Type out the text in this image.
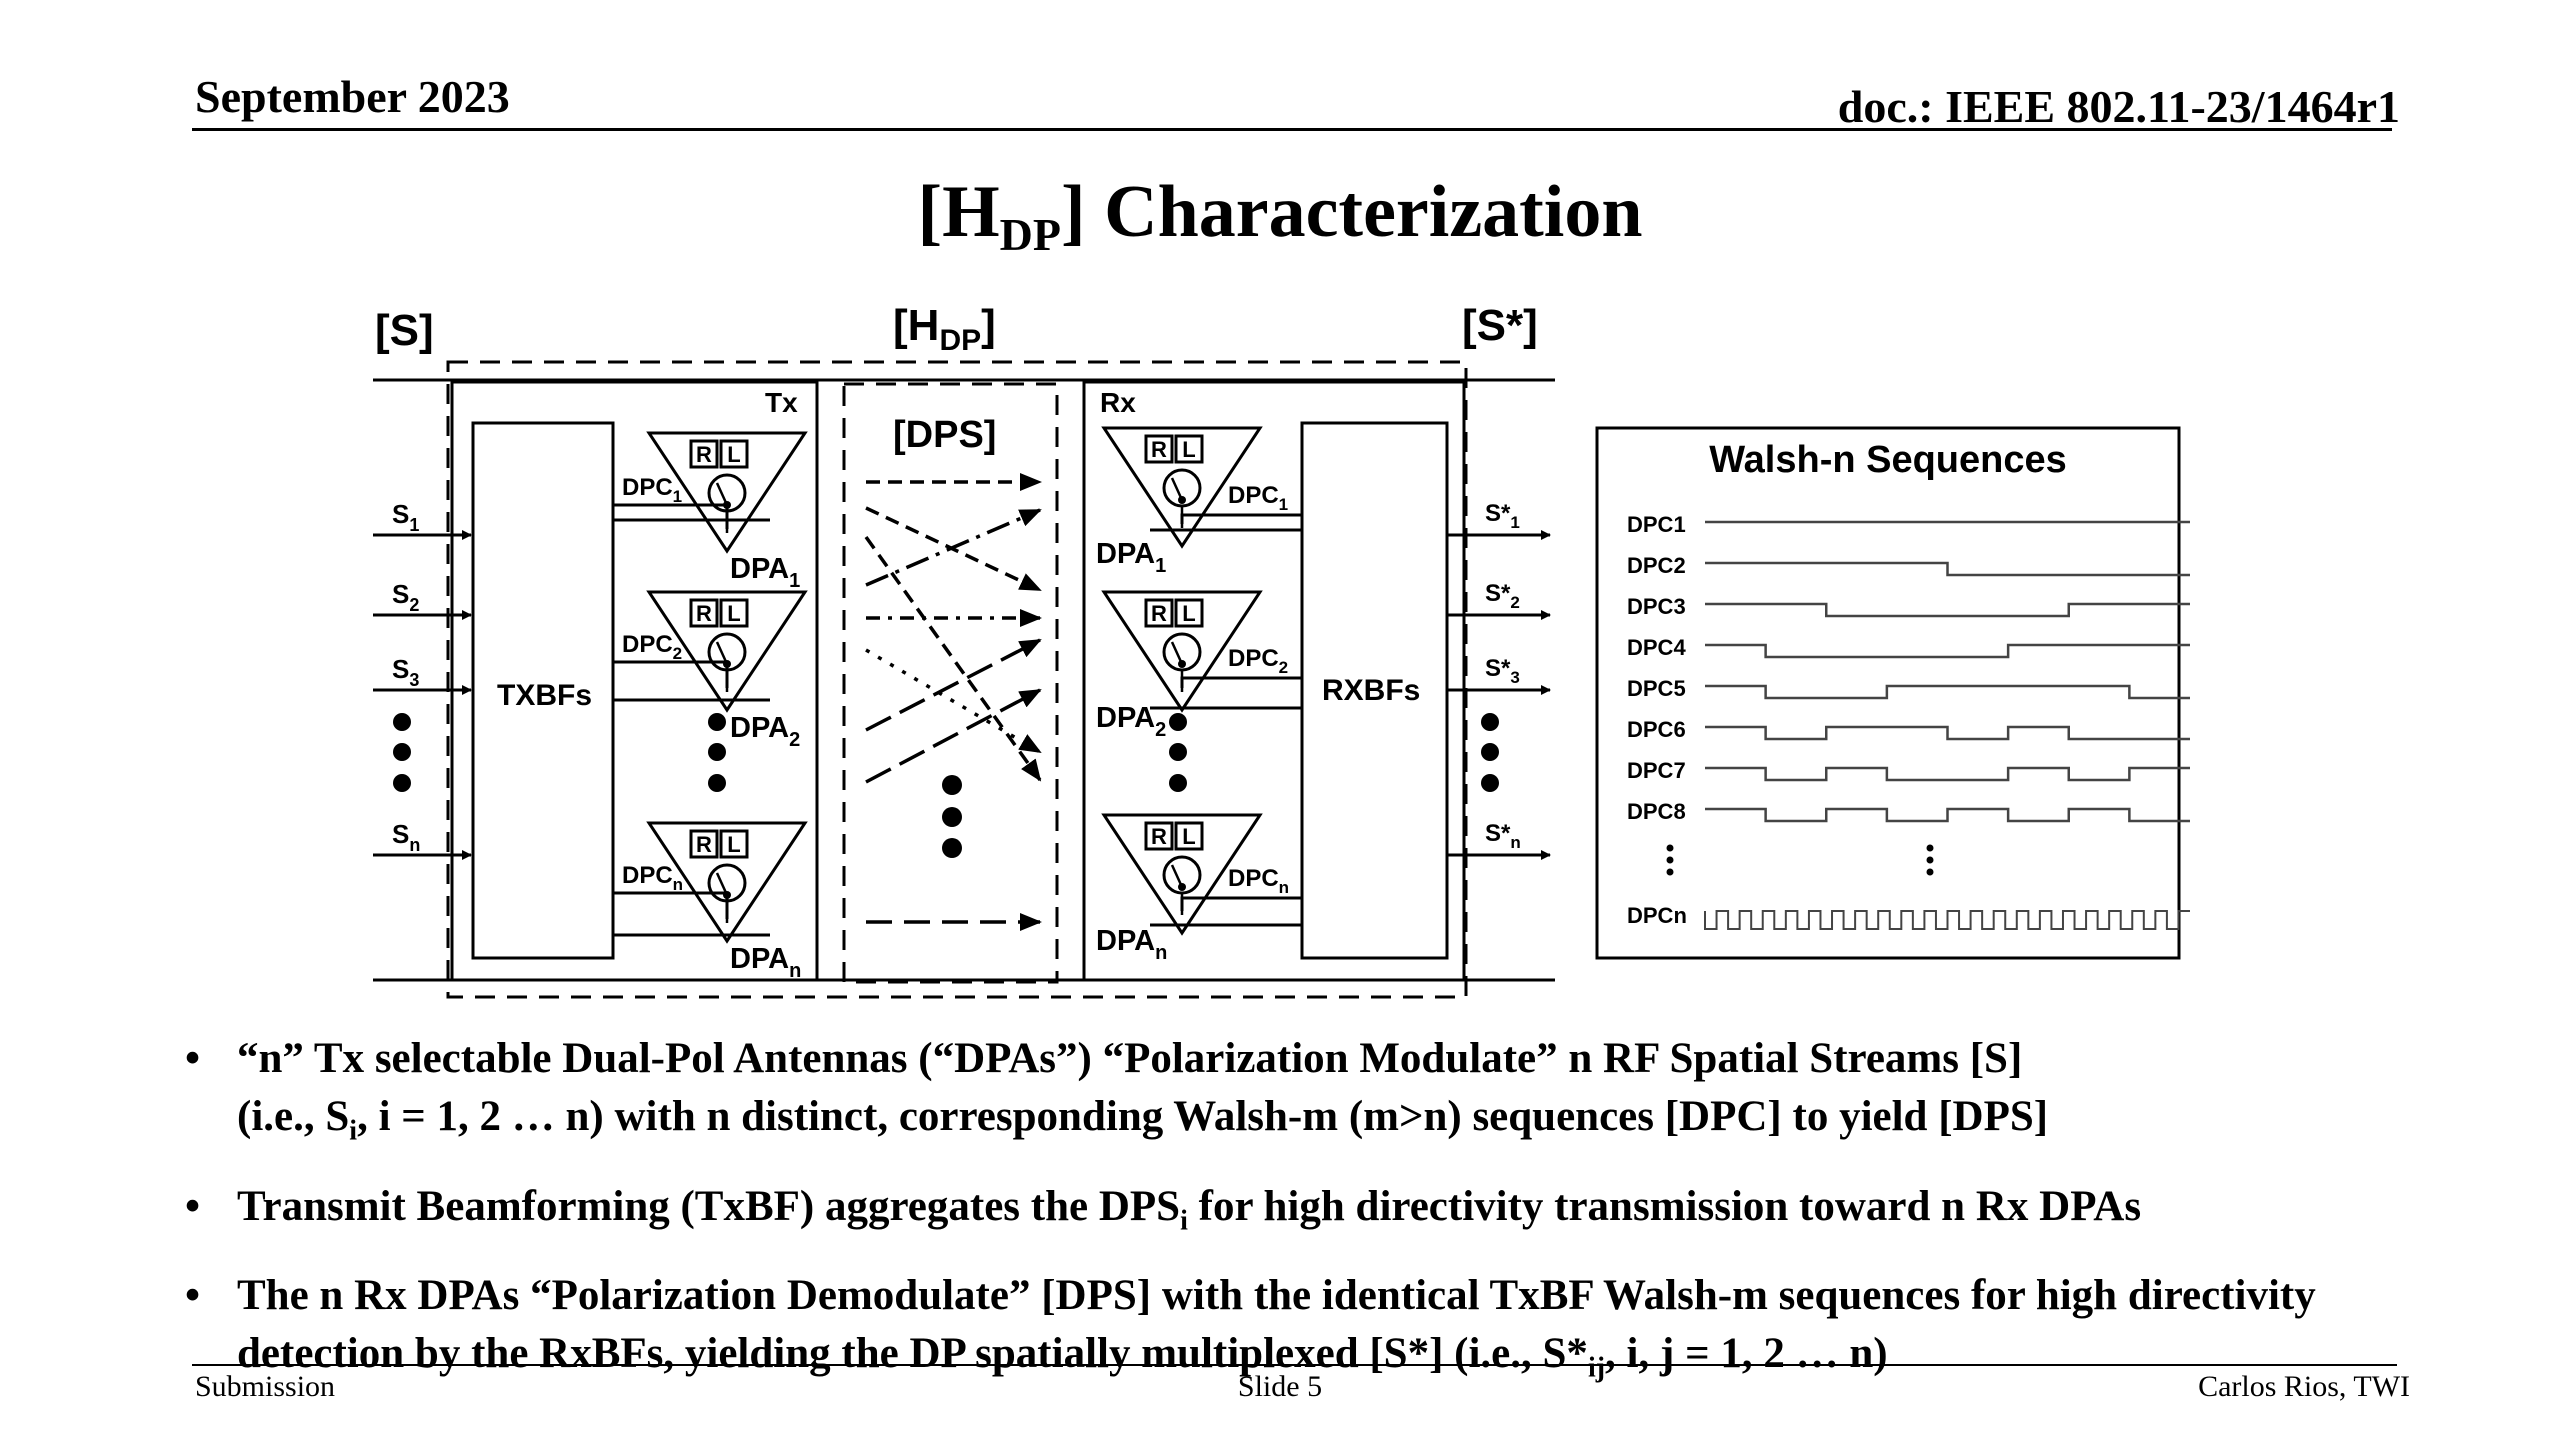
September 2023	doc.: IEEE 802.11-23/1464r1
$[H_{DP}]$ Characterization
[S]	$[H_{DP}]$	[S*]
Tx
TXBFs
[DPS]
Rx
RXBFs
$S_1$
$S_2$
$S_3$
$S_n$
$S*_1$
$S*_2$
$S*_3$
$S*_n$
R L
$DPC_1$
$DPA_1$
R L
$DPC_2$
$DPA_2$
R L
$DPC_n$
$DPA_n$
R L
$DPC_1$
$DPA_1$
R L
$DPC_2$
$DPA_2$
R L
$DPC_n$
$DPA_n$
Walsh-n Sequences
DPC1
DPC2
DPC3
DPC4
DPC5
DPC6
DPC7
DPC8
DPCn
• “n” Tx selectable Dual-Pol Antennas (“DPAs”) “Polarization Modulate” n RF Spatial Streams [S]
(i.e., $S_i$, i = 1, 2 … n) with n distinct, corresponding Walsh-m (m>n) sequences [DPC] to yield [DPS]
• Transmit Beamforming (TxBF) aggregates the $DPS_i$ for high directivity transmission toward n Rx DPAs
• The n Rx DPAs “Polarization Demodulate” [DPS] with the identical TxBF Walsh-m sequences for high directivity detection by the RxBFs, yielding the DP spatially multiplexed [S*] (i.e., $S*_{ij}$, i, j = 1, 2 … n)
Submission	Slide 5	Carlos Rios, TWI
